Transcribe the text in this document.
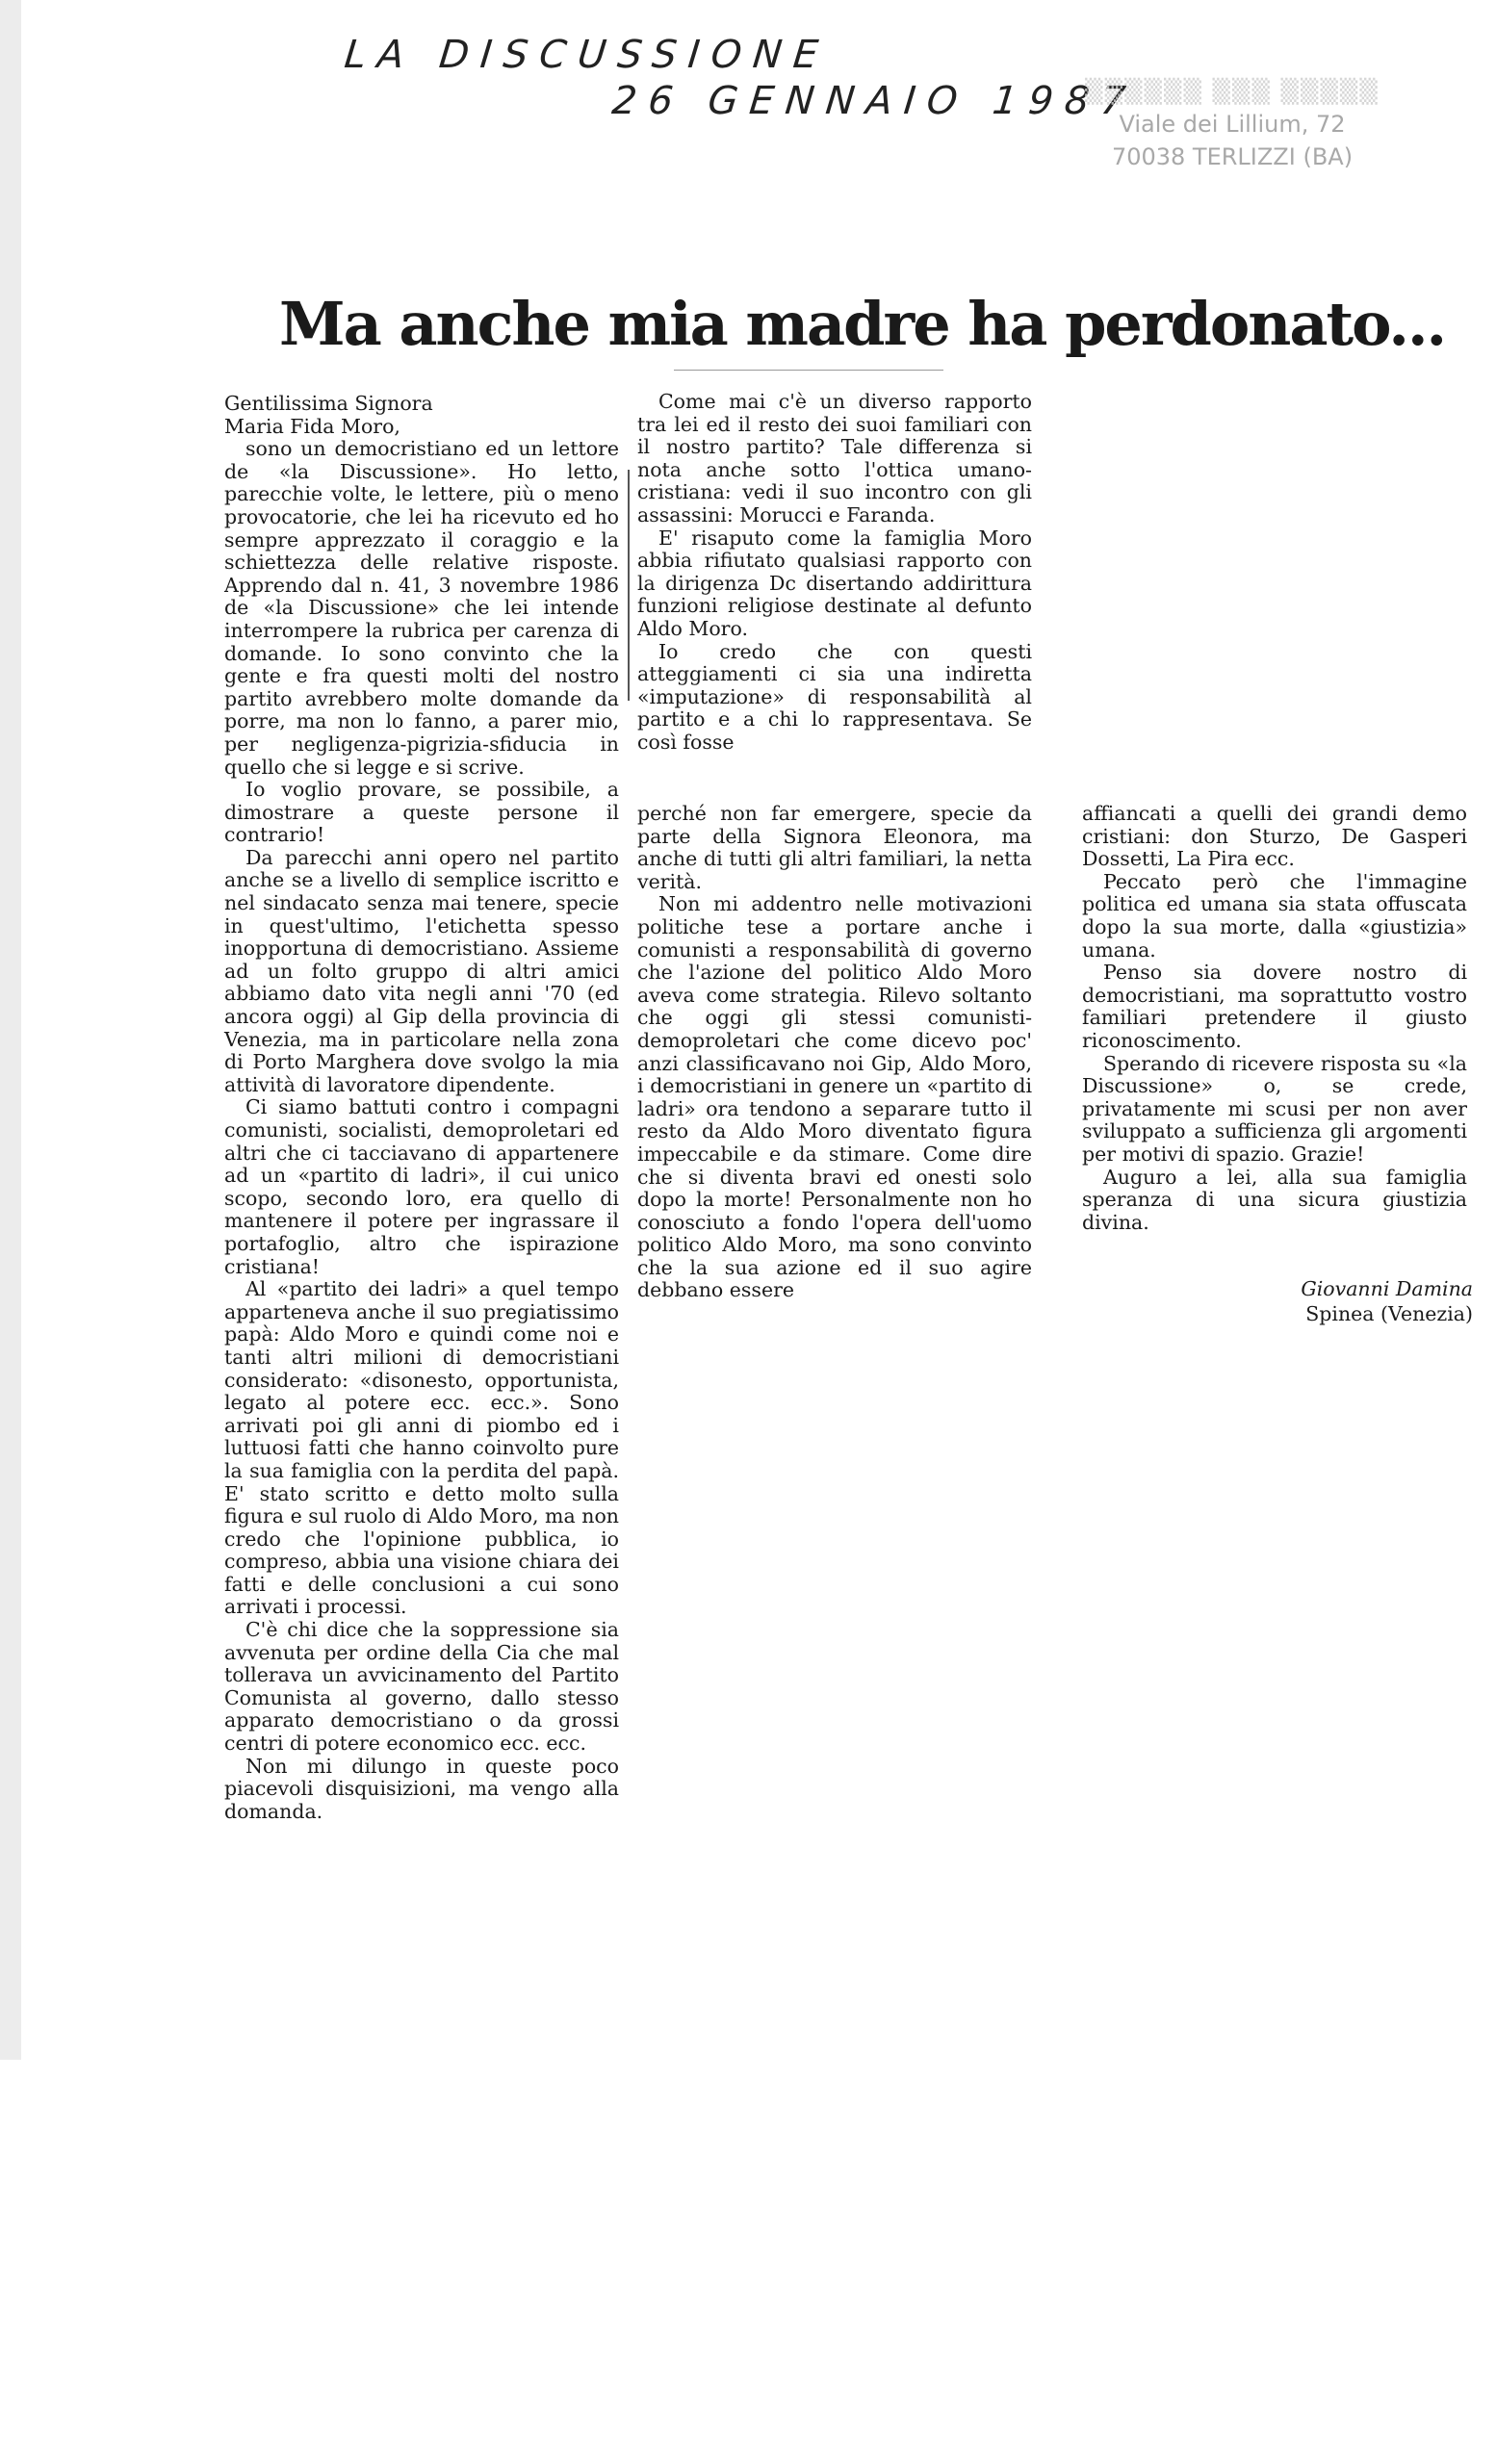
LA DISCUSSIONE
26 GENNAIO 1987
▒▒▒▒▒▒ ▒▒▒ ▒▒▒▒▒
Viale dei Lillium, 72
70038 TERLIZZI (BA)
Ma anche mia madre ha perdonato...

Gentilissima Signora

Maria Fida Moro,

sono un democristiano ed un lettore de «la Discussione». Ho letto, parecchie volte, le lettere, più o meno provocatorie, che lei ha ricevuto ed ho sempre apprezzato il coraggio e la schiettezza delle relative risposte. Apprendo dal n. 41, 3 novembre 1986 de «la Discussione» che lei intende interrompere la rubrica per carenza di domande. Io sono convinto che la gente e fra questi molti del nostro partito avrebbero molte domande da porre, ma non lo fanno, a parer mio, per negligenza-pigrizia-sfiducia in quello che si legge e si scrive.

Io voglio provare, se possibile, a dimostrare a queste persone il contrario!

Da parecchi anni opero nel partito anche se a livello di semplice iscritto e nel sindacato senza mai tenere, specie in quest'ultimo, l'etichetta spesso inopportuna di democristiano. Assieme ad un folto gruppo di altri amici abbiamo dato vita negli anni '70 (ed ancora oggi) al Gip della provincia di Venezia, ma in particolare nella zona di Porto Marghera dove svolgo la mia attività di lavoratore dipendente.

Ci siamo battuti contro i compagni comunisti, socialisti, demoproletari ed altri che ci tacciavano di appartenere ad un «partito di ladri», il cui unico scopo, secondo loro, era quello di mantenere il potere per ingrassare il portafoglio, altro che ispirazione cristiana!

Al «partito dei ladri» a quel tempo apparteneva anche il suo pregiatissimo papà: Aldo Moro e quindi come noi e tanti altri milioni di democristiani considerato: «disonesto, opportunista, legato al potere ecc. ecc.». Sono arrivati poi gli anni di piombo ed i luttuosi fatti che hanno coinvolto pure la sua famiglia con la perdita del papà. E' stato scritto e detto molto sulla figura e sul ruolo di Aldo Moro, ma non credo che l'opinione pubblica, io compreso, abbia una visione chiara dei fatti e delle conclusioni a cui sono arrivati i processi.

C'è chi dice che la soppressione sia avvenuta per ordine della Cia che mal tollerava un avvicinamento del Partito Comunista al governo, dallo stesso apparato democristiano o da grossi centri di potere economico ecc. ecc.

Non mi dilungo in queste poco piacevoli disquisizioni, ma vengo alla domanda.

Come mai c'è un diverso rapporto tra lei ed il resto dei suoi familiari con il nostro partito? Tale differenza si nota anche sotto l'ottica umano-cristiana: vedi il suo incontro con gli assassini: Morucci e Faranda.

E' risaputo come la famiglia Moro abbia rifiutato qualsiasi rapporto con la dirigenza Dc disertando addirittura funzioni religiose destinate al defunto Aldo Moro.

Io credo che con questi atteggiamenti ci sia una indiretta «imputazione» di responsabilità al partito e a chi lo rappresentava. Se così fosse

perché non far emergere, specie da parte della Signora Eleonora, ma anche di tutti gli altri familiari, la netta verità.

Non mi addentro nelle motivazioni politiche tese a portare anche i comunisti a responsabilità di governo che l'azione del politico Aldo Moro aveva come strategia. Rilevo soltanto che oggi gli stessi comunisti-demoproletari che come dicevo poc' anzi classificavano noi Gip, Aldo Moro, i democristiani in genere un «partito di ladri» ora tendono a separare tutto il resto da Aldo Moro diventato figura impeccabile e da stimare. Come dire che si diventa bravi ed onesti solo dopo la morte! Personalmente non ho conosciuto a fondo l'opera dell'uomo politico Aldo Moro, ma sono convinto che la sua azione ed il suo agire debbano essere

affiancati a quelli dei grandi demo cristiani: don Sturzo, De Gasperi Dossetti, La Pira ecc.

Peccato però che l'immagine politica ed umana sia stata offuscata dopo la sua morte, dalla «giustizia» umana.

Penso sia dovere nostro di democristiani, ma soprattutto vostro familiari pretendere il giusto riconoscimento.

Sperando di ricevere risposta su «la Discussione» o, se crede, privatamente mi scusi per non aver sviluppato a sufficienza gli argomenti per motivi di spazio. Grazie!

Auguro a lei, alla sua famiglia speranza di una sicura giustizia divina.

Giovanni Damina
Spinea (Venezia)
